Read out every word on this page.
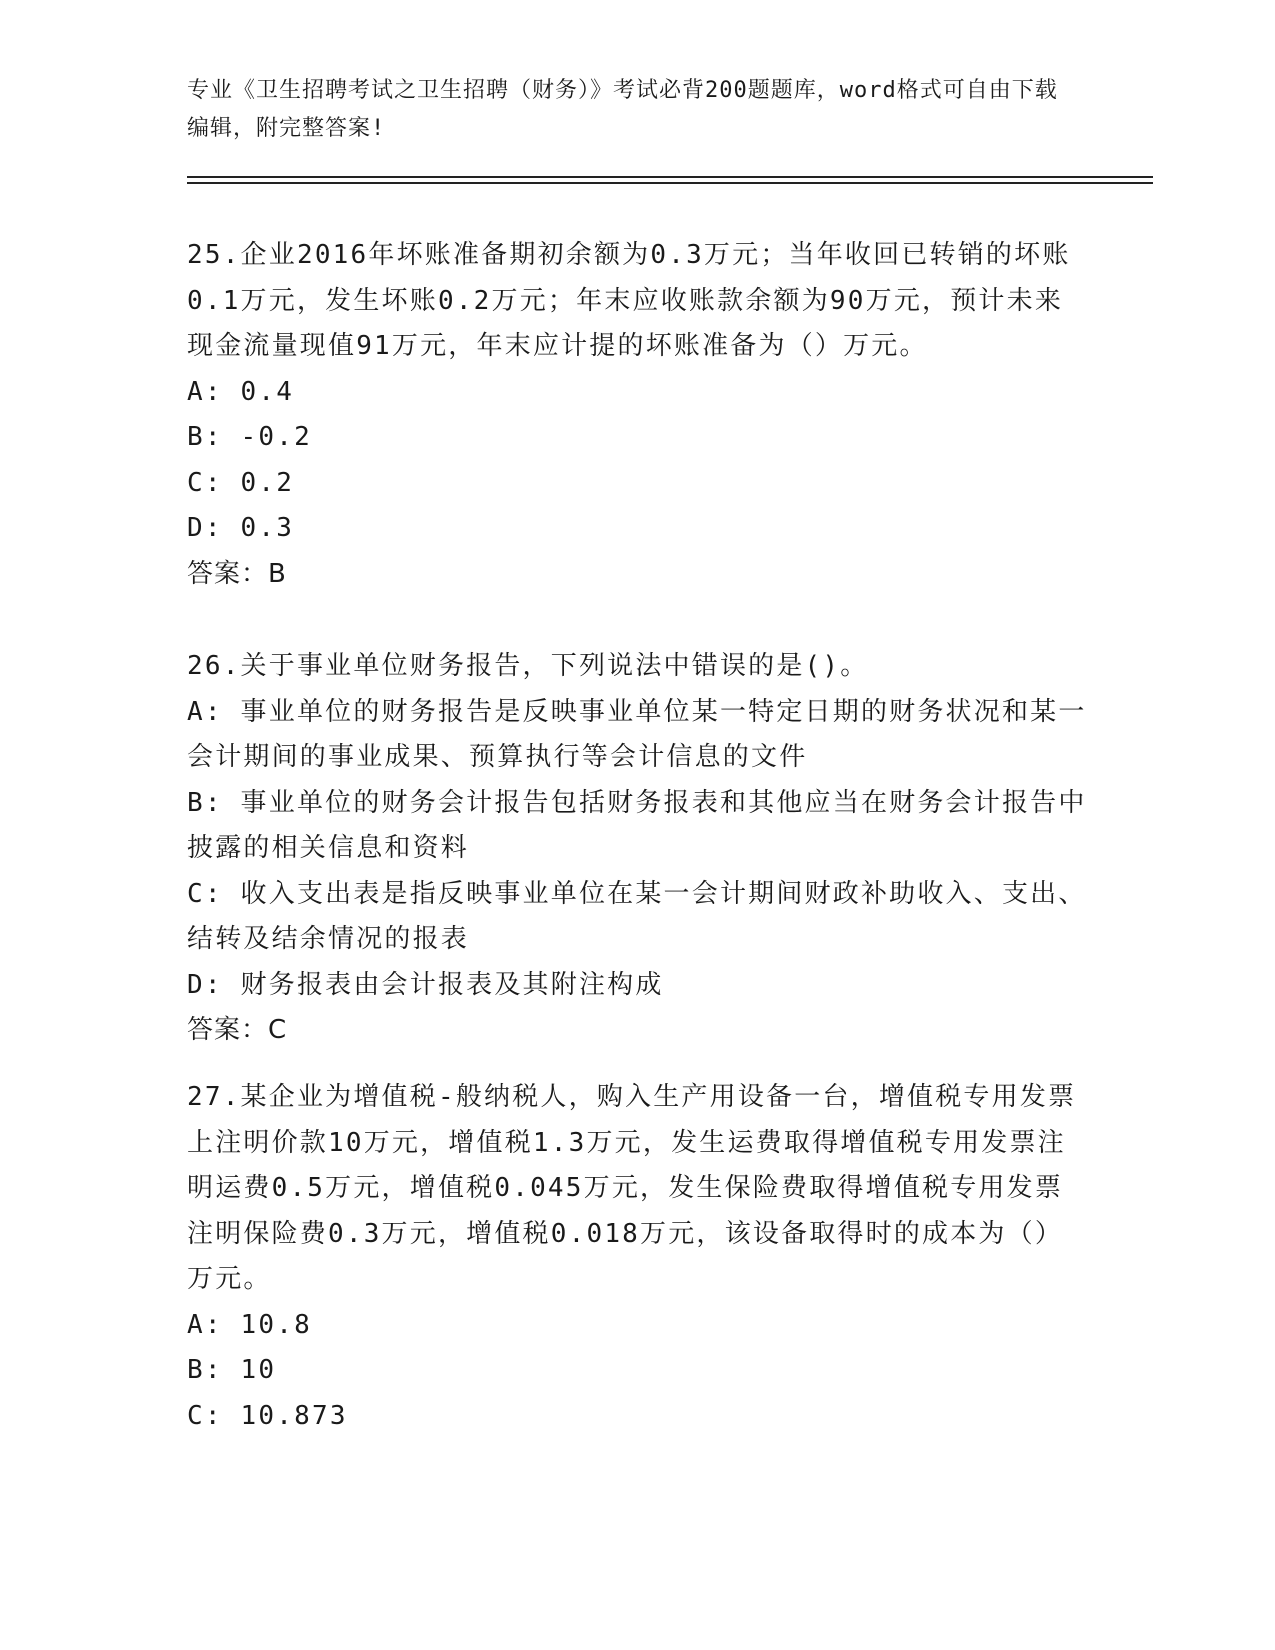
专业《卫生招聘考试之卫生招聘（财务）》考试必背200题题库，word格式可自由下载编辑，附完整答案!

25.企业2016年坏账准备期初余额为0.3万元；当年收回已转销的坏账0.1万元，发生坏账0.2万元；年末应收账款余额为90万元，预计未来现金流量现值91万元，年末应计提的坏账准备为（）万元。

A: 0.4

B: -0.2

C: 0.2

D: 0.3

答案：B

26.关于事业单位财务报告，下列说法中错误的是()。

A: 事业单位的财务报告是反映事业单位某一特定日期的财务状况和某一会计期间的事业成果、预算执行等会计信息的文件

B: 事业单位的财务会计报告包括财务报表和其他应当在财务会计报告中披露的相关信息和资料

C: 收入支出表是指反映事业单位在某一会计期间财政补助收入、支出、结转及结余情况的报表

D: 财务报表由会计报表及其附注构成

答案：C

27.某企业为增值税-般纳税人，购入生产用设备一台，增值税专用发票上注明价款10万元，增值税1.3万元，发生运费取得增值税专用发票注明运费0.5万元，增值税0.045万元，发生保险费取得增值税专用发票注明保险费0.3万元，增值税0.018万元，该设备取得时的成本为（）万元。

A: 10.8

B: 10

C: 10.873
